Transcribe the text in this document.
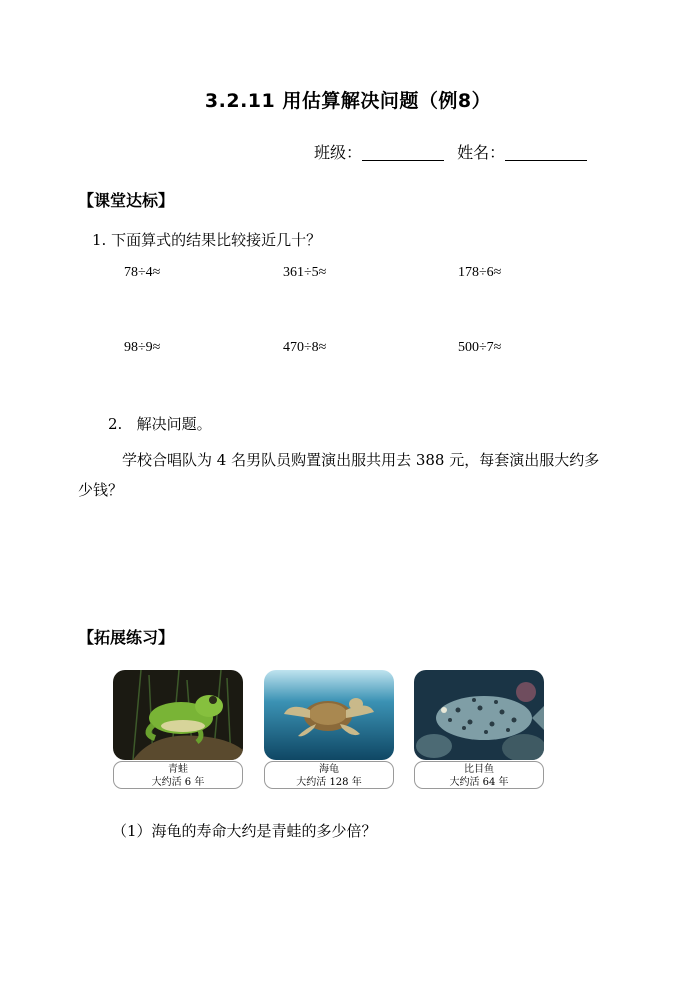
3.2.11 用估算解决问题（例8）
班级：	姓名：
【课堂达标】
1. 下面算式的结果比较接近几十？
78÷4≈	361÷5≈	178÷6≈
98÷9≈	470÷8≈	500÷7≈
2.   解决问题。
学校合唱队为 4 名男队员购置演出服共用去 388 元，每套演出服大约多
少钱？
【拓展练习】
青蛙
大约活 6 年
海龟
大约活 128 年
比目鱼
大约活 64 年
（1）海龟的寿命大约是青蛙的多少倍？
